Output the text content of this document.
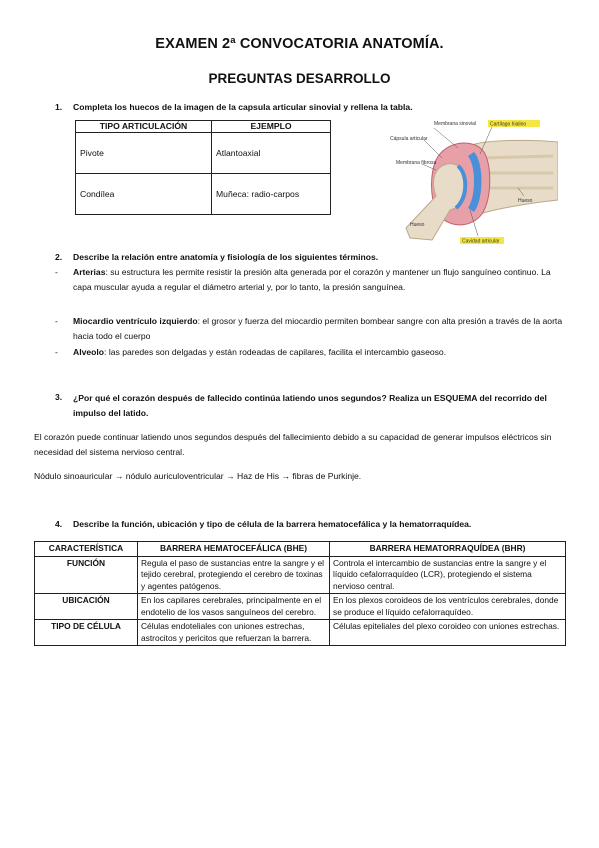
EXAMEN 2ª CONVOCATORIA ANATOMÍA.
PREGUNTAS DESARROLLO
1. Completa los huecos de la imagen de la capsula articular sinovial y rellena la tabla.
TIPO ARTICULACIÓN	EJEMPLO
Pivote	Atlantoaxial
Condílea	Muñeca: radio-carpos
Membrana sinovial
Cápsula articular
Cartílago hialino
Membrana fibrosa
Hueso
Hueso
Cavidad articular
2. Describe la relación entre anatomía y fisiología de los siguientes términos.
- Arterias: su estructura les permite resistir la presión alta generada por el corazón y mantener un flujo sanguíneo continuo. La capa muscular ayuda a regular el diámetro arterial y, por lo tanto, la presión sanguínea.
- Miocardio ventrículo izquierdo: el grosor y fuerza del miocardio permiten bombear sangre con alta presión a través de la aorta hacia todo el cuerpo
- Alveolo: las paredes son delgadas y están rodeadas de capilares, facilita el intercambio gaseoso.
3. ¿Por qué el corazón después de fallecido continúa latiendo unos segundos? Realiza un ESQUEMA del recorrido del impulso del latido.
El corazón puede continuar latiendo unos segundos después del fallecimiento debido a su capacidad de generar impulsos eléctricos sin necesidad del sistema nervioso central.
Nódulo sinoauricular → nódulo auriculoventricular → Haz de His → fibras de Purkinje.
4. Describe la función, ubicación y tipo de célula de la barrera hematocefálica y la hematorraquídea.
CARACTERÍSTICA	BARRERA HEMATOCEFÁLICA (BHE)	BARRERA HEMATORRAQUÍDEA (BHR)
FUNCIÓN	Regula el paso de sustancias entre la sangre y el tejido cerebral, protegiendo el cerebro de toxinas y agentes patógenos.	Controla el intercambio de sustancias entre la sangre y el líquido cefalorraquídeo (LCR), protegiendo el sistema nervioso central.
UBICACIÓN	En los capilares cerebrales, principalmente en el endotelio de los vasos sanguíneos del cerebro.	En los plexos coroideos de los ventrículos cerebrales, donde se produce el líquido cefalorraquídeo.
TIPO DE CÉLULA	Células endoteliales con uniones estrechas, astrocitos y pericitos que refuerzan la barrera.	Células epiteliales del plexo coroideo con uniones estrechas.
